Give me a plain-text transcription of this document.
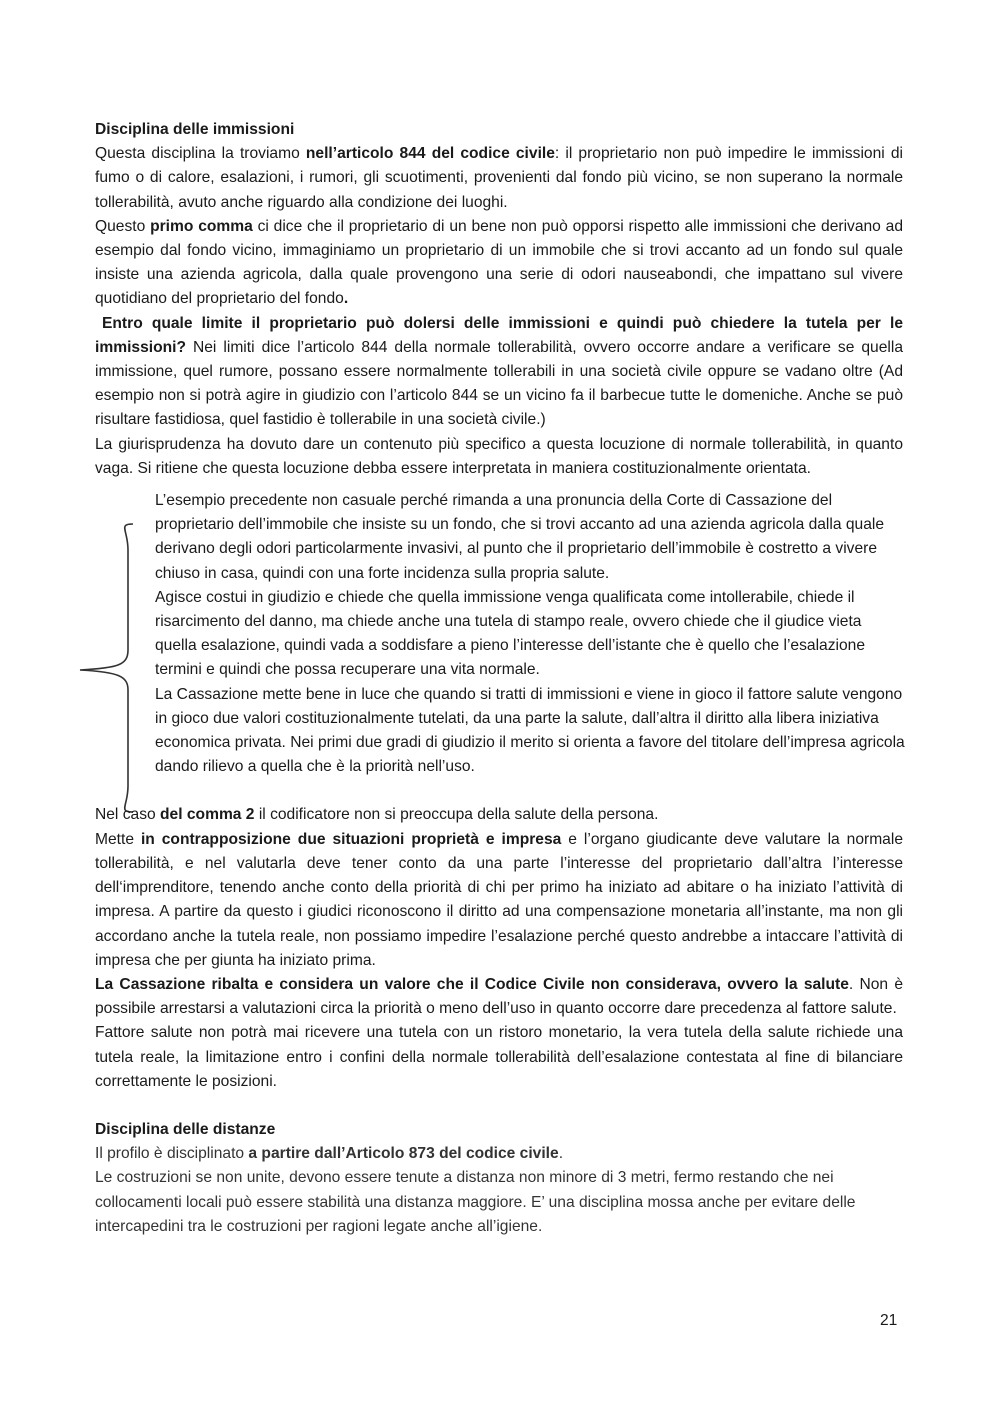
Disciplina delle immissioni

Questa disciplina la troviamo nell’articolo 844 del codice civile: il proprietario non può impedire le immissioni di fumo o di calore, esalazioni, i rumori, gli scuotimenti, provenienti dal fondo più vicino, se non superano la normale tollerabilità, avuto anche riguardo alla condizione dei luoghi.

Questo primo comma ci dice che il proprietario di un bene non può opporsi rispetto alle immissioni che derivano ad esempio dal fondo vicino, immaginiamo un proprietario di un immobile che si trovi accanto ad un fondo sul quale insiste una azienda agricola, dalla quale provengono una serie di odori nauseabondi, che impattano sul vivere quotidiano del proprietario del fondo.

Entro quale limite il proprietario può dolersi delle immissioni e quindi può chiedere la tutela per le immissioni? Nei limiti dice l’articolo 844 della normale tollerabilità, ovvero occorre andare a verificare se quella immissione, quel rumore, possano essere normalmente tollerabili in una società civile oppure se vadano oltre (Ad esempio non si potrà agire in giudizio con l’articolo 844 se un vicino fa il barbecue tutte le domeniche. Anche se può risultare fastidiosa, quel fastidio è tollerabile in una società civile.)

La giurisprudenza ha dovuto dare un contenuto più specifico a questa locuzione di normale tollerabilità, in quanto vaga. Si ritiene che questa locuzione debba essere interpretata in maniera costituzionalmente orientata.

L’esempio precedente non casuale perché rimanda a una pronuncia della Corte di Cassazione del proprietario dell’immobile che insiste su un fondo, che si trovi accanto ad una azienda agricola dalla quale derivano degli odori particolarmente invasivi, al punto che il proprietario dell’immobile è costretto a vivere chiuso in casa, quindi con una forte incidenza sulla propria salute.

Agisce costui in giudizio e chiede che quella immissione venga qualificata come intollerabile, chiede il risarcimento del danno, ma chiede anche una tutela di stampo reale, ovvero chiede che il giudice vieta quella esalazione, quindi vada a soddisfare a pieno l’interesse dell’istante che è quello che l’esalazione termini e quindi che possa recuperare una vita normale.

La Cassazione mette bene in luce che quando si tratti di immissioni e viene in gioco il fattore salute vengono in gioco due valori costituzionalmente tutelati, da una parte la salute, dall’altra il diritto alla libera iniziativa economica privata. Nei primi due gradi di giudizio il merito si orienta a favore del titolare dell’impresa agricola dando rilievo a quella che è la priorità nell’uso.

Nel caso del comma 2 il codificatore non si preoccupa della salute della persona.

Mette in contrapposizione due situazioni proprietà e impresa e l’organo giudicante deve valutare la normale tollerabilità, e nel valutarla deve tener conto da una parte l’interesse del proprietario dall’altra l’interesse dell‘imprenditore, tenendo anche conto della priorità di chi per primo ha iniziato ad abitare o ha iniziato l’attività di impresa. A partire da questo i giudici riconoscono il diritto ad una compensazione monetaria all’instante, ma non gli accordano anche la tutela reale, non possiamo impedire l’esalazione perché questo andrebbe a intaccare l’attività di impresa che per giunta ha iniziato prima.

La Cassazione ribalta e considera un valore che il Codice Civile non considerava, ovvero la salute. Non è possibile arrestarsi a valutazioni circa la priorità o meno dell’uso in quanto occorre dare precedenza al fattore salute.

Fattore salute non potrà mai ricevere una tutela con un ristoro monetario, la vera tutela della salute richiede una tutela reale, la limitazione entro i confini della normale tollerabilità dell’esalazione contestata al fine di bilanciare correttamente le posizioni.

Disciplina delle distanze

Il profilo è disciplinato a partire dall’Articolo 873 del codice civile.

Le costruzioni se non unite, devono essere tenute a distanza non minore di 3 metri, fermo restando che nei collocamenti locali può essere stabilità una distanza maggiore. E’ una disciplina mossa anche per evitare delle intercapedini tra le costruzioni per ragioni legate anche all’igiene.

21
